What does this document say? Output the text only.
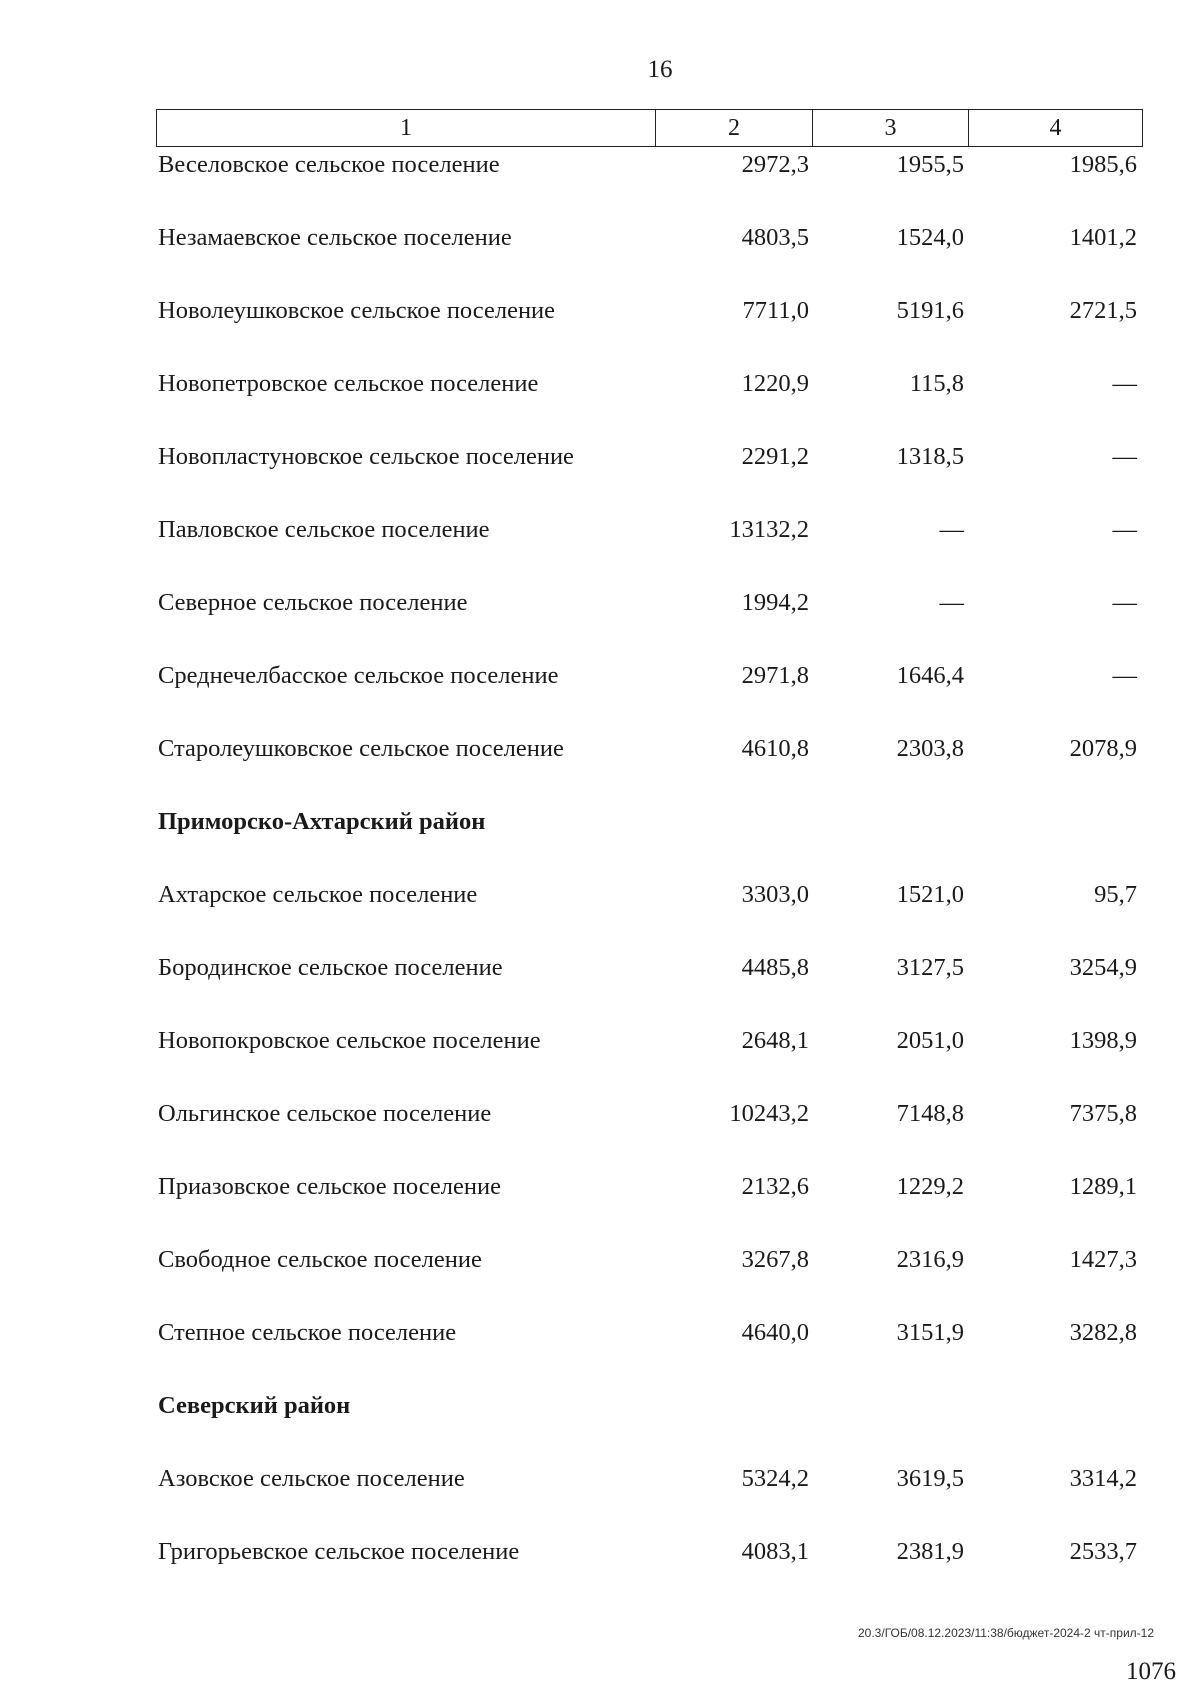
16
1	2	3	4
Веселовское сельское поселение	2972,3	1955,5	1985,6
Незамаевское сельское поселение	4803,5	1524,0	1401,2
Новолеушковское сельское поселение	7711,0	5191,6	2721,5
Новопетровское сельское поселение	1220,9	115,8	—
Новопластуновское сельское поселение	2291,2	1318,5	—
Павловское сельское поселение	13132,2	—	—
Северное сельское поселение	1994,2	—	—
Среднечелбасское сельское поселение	2971,8	1646,4	—
Старолеушковское сельское поселение	4610,8	2303,8	2078,9
Приморско-Ахтарский район
Ахтарское сельское поселение	3303,0	1521,0	95,7
Бородинское сельское поселение	4485,8	3127,5	3254,9
Новопокровское сельское поселение	2648,1	2051,0	1398,9
Ольгинское сельское поселение	10243,2	7148,8	7375,8
Приазовское сельское поселение	2132,6	1229,2	1289,1
Свободное сельское поселение	3267,8	2316,9	1427,3
Степное сельское поселение	4640,0	3151,9	3282,8
Северский район
Азовское сельское поселение	5324,2	3619,5	3314,2
Григорьевское сельское поселение	4083,1	2381,9	2533,7
20.3/ГОБ/08.12.2023/11:38/бюджет-2024-2 чт-прил-12
1076
